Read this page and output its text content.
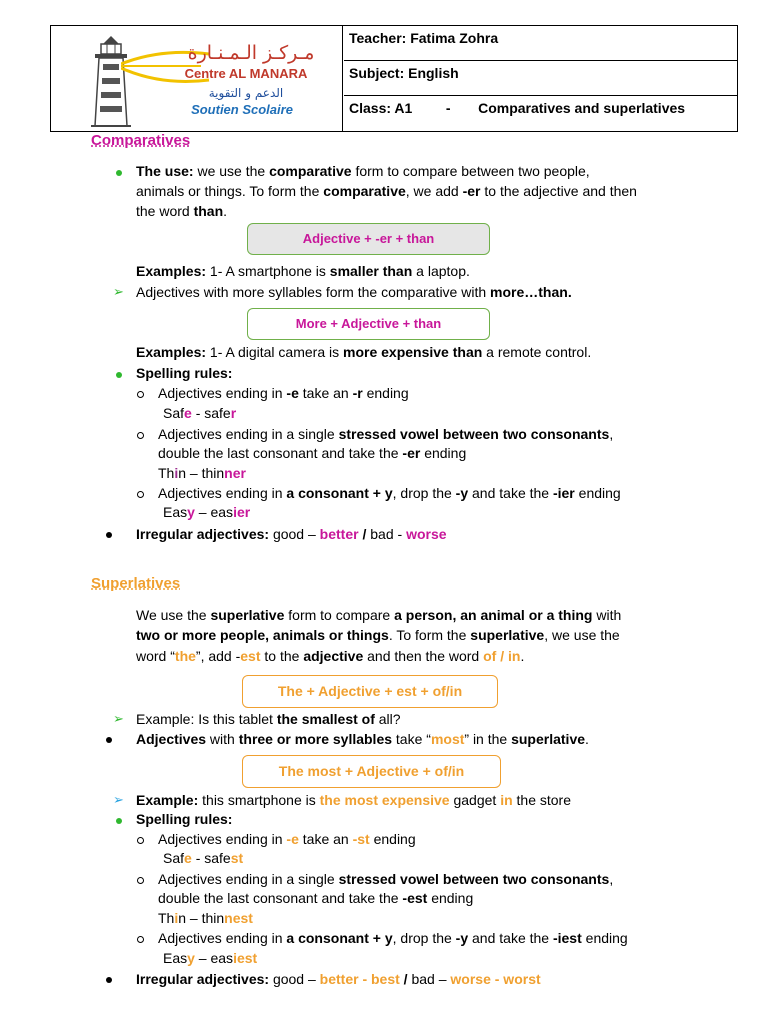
مـركـز الـمـنـارة
Centre AL MANARA
الدعم و التقوية
Soutien Scolaire
Teacher: Fatima Zohra
Subject: English
Class: A1 - Comparatives and superlatives
Comparatives
The use: we use the comparative form to compare between two people,
animals or things. To form the comparative, we add -er to the adjective and then
the word than.
Adjective + -er + than
Examples: 1- A smartphone is smaller than a laptop.
➢ Adjectives with more syllables form the comparative with more…than.
More + Adjective + than
Examples: 1- A digital camera is more expensive than a remote control.
Spelling rules:
Adjectives ending in -e take an -r ending
Safe - safer
Adjectives ending in a single stressed vowel between two consonants,
double the last consonant and take the -er ending
Thin – thinner
Adjectives ending in a consonant + y, drop the -y and take the -ier ending
Easy – easier
Irregular adjectives: good – better / bad - worse
Superlatives
We use the superlative form to compare a person, an animal or a thing with
two or more people, animals or things. To form the superlative, we use the
word “the”, add -est to the adjective and then the word of / in.
The + Adjective + est + of/in
➢ Example: Is this tablet the smallest of all?
Adjectives with three or more syllables take “most” in the superlative.
The most + Adjective + of/in
➢ Example: this smartphone is the most expensive gadget in the store
Spelling rules:
Adjectives ending in -e take an -st ending
Safe - safest
Adjectives ending in a single stressed vowel between two consonants,
double the last consonant and take the -est ending
Thin – thinnest
Adjectives ending in a consonant + y, drop the -y and take the -iest ending
Easy – easiest
Irregular adjectives: good – better - best / bad – worse - worst
